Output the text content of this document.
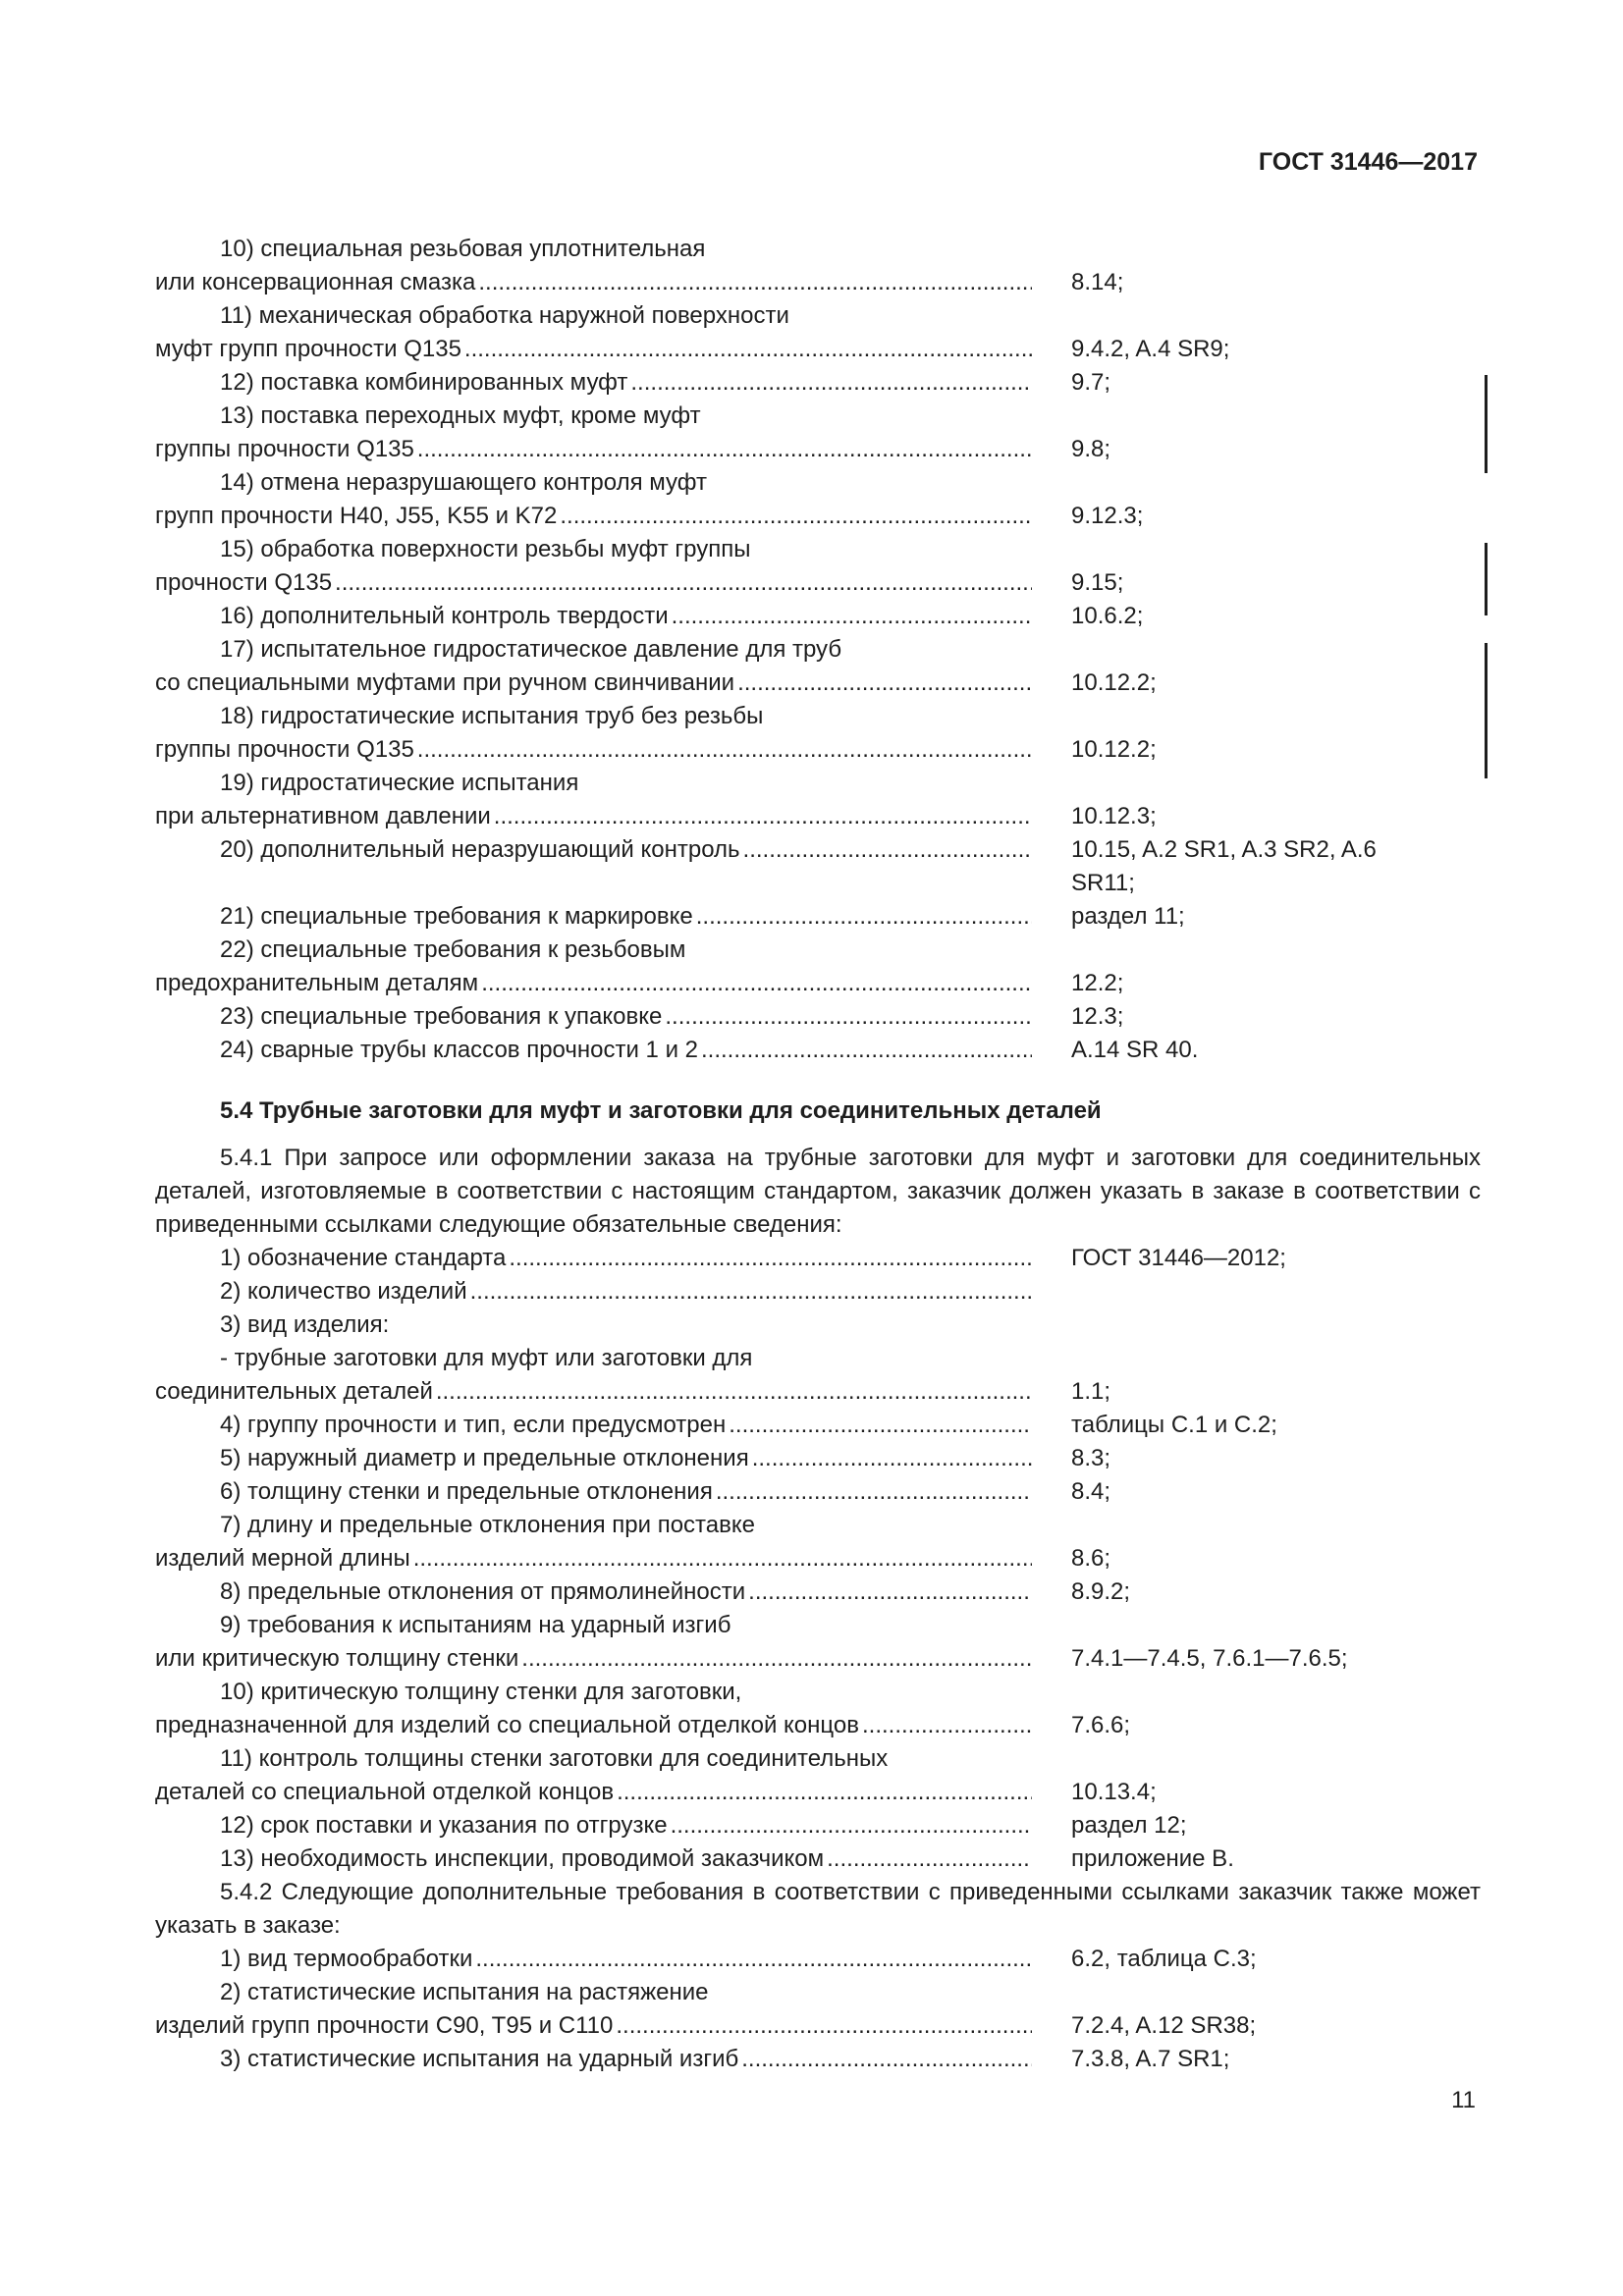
ГОСТ 31446—2017
10) специальная резьбовая уплотнительная
или консервационная смазка .....	8.14;
11) механическая обработка наружной поверхности
муфт групп прочности Q135 .....	9.4.2, A.4 SR9;
12) поставка комбинированных муфт .....	9.7;
13) поставка переходных муфт, кроме муфт
группы прочности Q135 .....	9.8;
14) отмена неразрушающего контроля муфт
групп прочности H40, J55, K55 и K72 .....	9.12.3;
15) обработка поверхности резьбы муфт группы
прочности Q135 .....	9.15;
16) дополнительный контроль твердости .....	10.6.2;
17) испытательное гидростатическое давление для труб
со специальными муфтами при ручном свинчивании .....	10.12.2;
18) гидростатические испытания труб без резьбы
группы прочности Q135 .....	10.12.2;
19) гидростатические испытания
при альтернативном давлении .....	10.12.3;
20) дополнительный неразрушающий контроль .....	10.15, A.2 SR1, A.3 SR2, A.6
SR11;
21) специальные требования к маркировке .....	раздел 11;
22) специальные требования к резьбовым
предохранительным деталям .....	12.2;
23) специальные требования к упаковке .....	12.3;
24) сварные трубы классов прочности 1 и 2 .....	A.14 SR 40.
5.4 Трубные заготовки для муфт и заготовки для соединительных деталей
5.4.1 При запросе или оформлении заказа на трубные заготовки для муфт и заготовки для соединительных деталей, изготовляемые в соответствии с настоящим стандартом, заказчик должен указать в заказе в соответствии с приведенными ссылками следующие обязательные сведения:
1) обозначение стандарта .....	ГОСТ 31446—2012;
2) количество изделий
.....
3) вид изделия:
- трубные заготовки для муфт или заготовки для
соединительных деталей .....	1.1;
4) группу прочности и тип, если предусмотрен .....	таблицы C.1 и C.2;
5) наружный диаметр и предельные отклонения .....	8.3;
6) толщину стенки и предельные отклонения .....	8.4;
7) длину и предельные отклонения при поставке
изделий мерной длины .....	8.6;
8) предельные отклонения от прямолинейности .....	8.9.2;
9) требования к испытаниям на ударный изгиб
или критическую толщину стенки .....	7.4.1—7.4.5, 7.6.1—7.6.5;
10) критическую толщину стенки для заготовки,
предназначенной для изделий со специальной отделкой концов .....	7.6.6;
11) контроль толщины стенки заготовки для соединительных
деталей со специальной отделкой концов .....	10.13.4;
12) срок поставки и указания по отгрузке .....	раздел 12;
13) необходимость инспекции, проводимой заказчиком .....	приложение B.
5.4.2 Следующие дополнительные требования в соответствии с приведенными ссылками заказчик также может указать в заказе:
1) вид термообработки .....	6.2, таблица C.3;
2) статистические испытания на растяжение
изделий групп прочности C90, T95 и C110 .....	7.2.4, A.12 SR38;
3) статистические испытания на ударный изгиб .....	7.3.8, A.7 SR1;
11
